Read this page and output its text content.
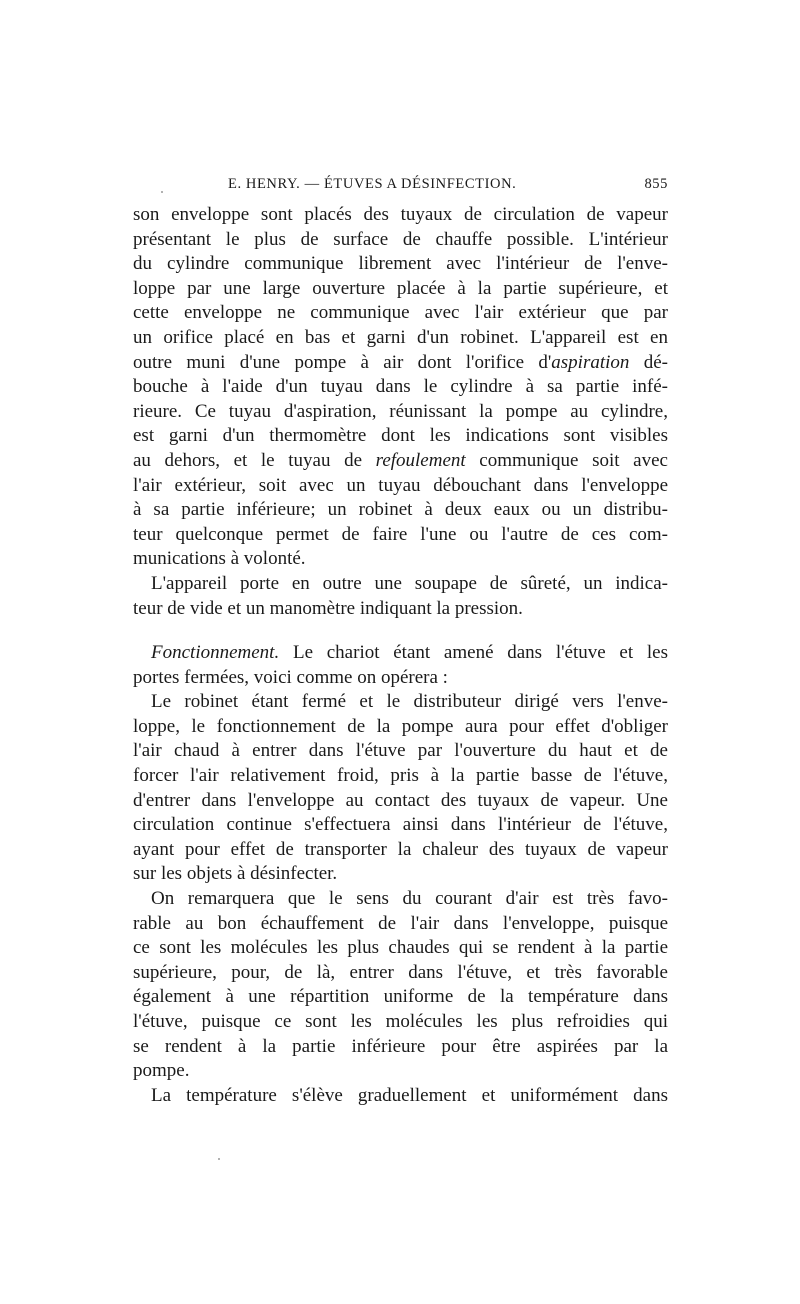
E. HENRY. — ÉTUVES A DÉSINFECTION.	855

son enveloppe sont placés des tuyaux de circulation de vapeur
présentant le plus de surface de chauffe possible. L'intérieur
du cylindre communique librement avec l'intérieur de l'enve-
loppe par une large ouverture placée à la partie supérieure, et
cette enveloppe ne communique avec l'air extérieur que par
un orifice placé en bas et garni d'un robinet. L'appareil est en
outre muni d'une pompe à air dont l'orifice d'aspiration dé-
bouche à l'aide d'un tuyau dans le cylindre à sa partie infé-
rieure. Ce tuyau d'aspiration, réunissant la pompe au cylindre,
est garni d'un thermomètre dont les indications sont visibles
au dehors, et le tuyau de refoulement communique soit avec
l'air extérieur, soit avec un tuyau débouchant dans l'enveloppe
à sa partie inférieure; un robinet à deux eaux ou un distribu-
teur quelconque permet de faire l'une ou l'autre de ces com-
munications à volonté.

L'appareil porte en outre une soupape de sûreté, un indica-
teur de vide et un manomètre indiquant la pression.

Fonctionnement. Le chariot étant amené dans l'étuve et les
portes fermées, voici comme on opérera :

Le robinet étant fermé et le distributeur dirigé vers l'enve-
loppe, le fonctionnement de la pompe aura pour effet d'obliger
l'air chaud à entrer dans l'étuve par l'ouverture du haut et de
forcer l'air relativement froid, pris à la partie basse de l'étuve,
d'entrer dans l'enveloppe au contact des tuyaux de vapeur. Une
circulation continue s'effectuera ainsi dans l'intérieur de l'étuve,
ayant pour effet de transporter la chaleur des tuyaux de vapeur
sur les objets à désinfecter.

On remarquera que le sens du courant d'air est très favo-
rable au bon échauffement de l'air dans l'enveloppe, puisque
ce sont les molécules les plus chaudes qui se rendent à la partie
supérieure, pour, de là, entrer dans l'étuve, et très favorable
également à une répartition uniforme de la température dans
l'étuve, puisque ce sont les molécules les plus refroidies qui
se rendent à la partie inférieure pour être aspirées par la
pompe.

La température s'élève graduellement et uniformément dans
